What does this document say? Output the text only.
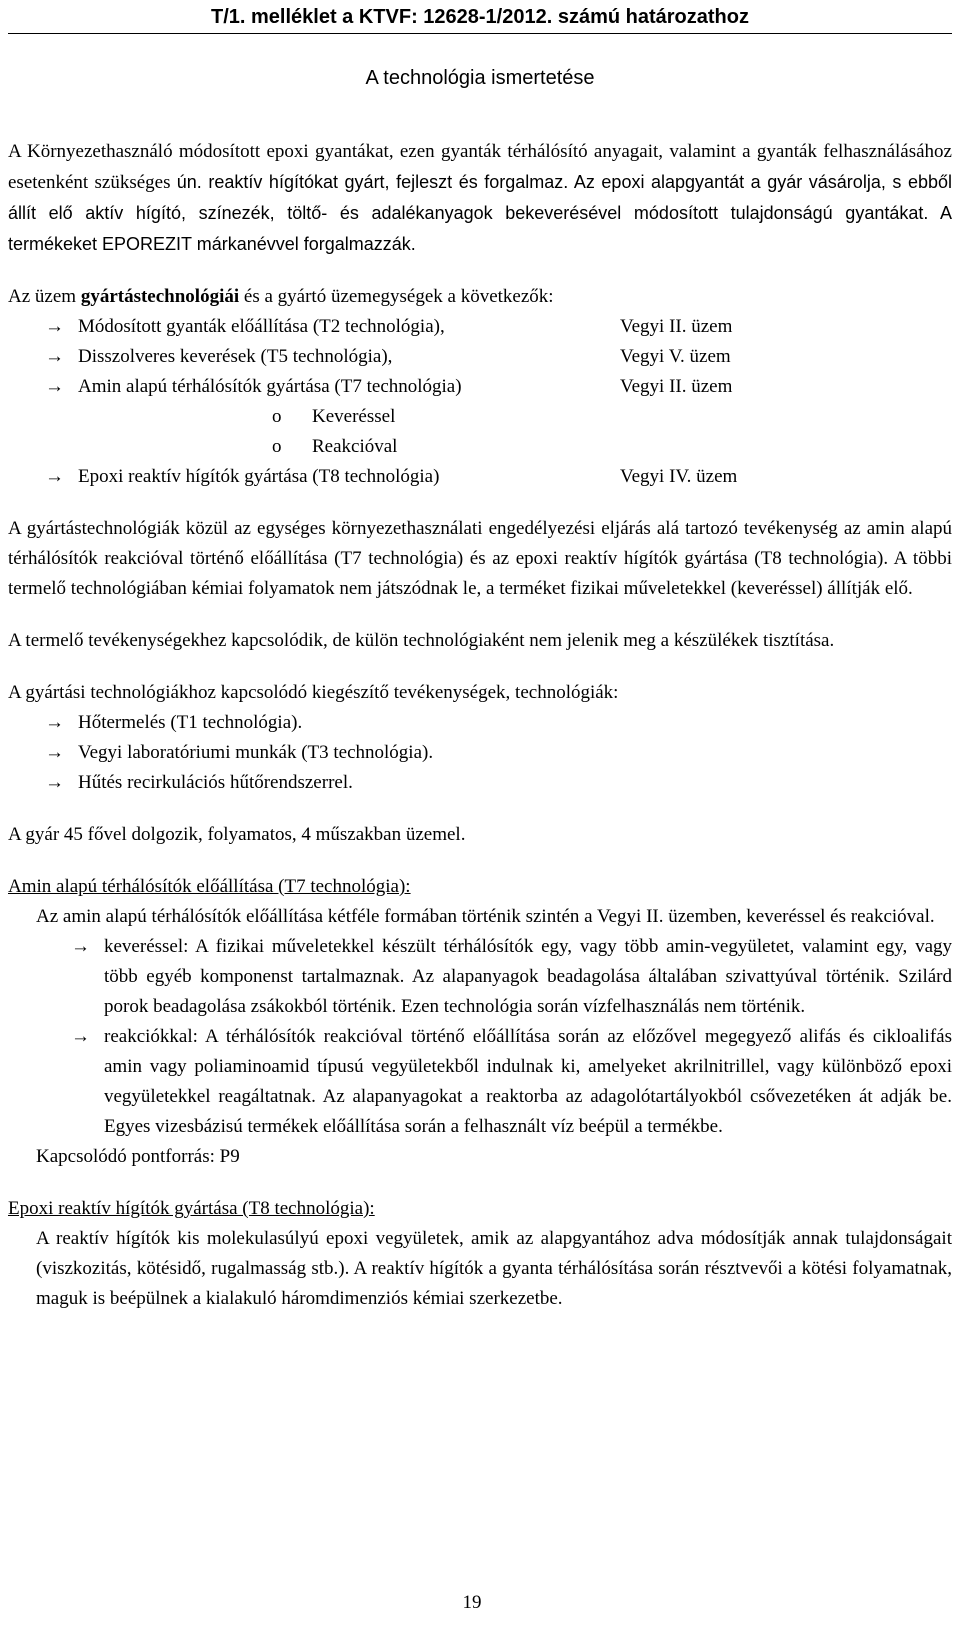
T/1. melléklet a KTVF: 12628-1/2012. számú határozathoz
A technológia ismertetése

A Környezethasználó módosított epoxi gyantákat, ezen gyanták térhálósító anyagait, valamint a gyanták felhasználásához esetenként szükséges ún. reaktív hígítókat gyárt, fejleszt és forgalmaz. Az epoxi alapgyantát a gyár vásárolja, s ebből állít elő aktív hígító, színezék, töltő- és adalékanyagok bekeverésével módosított tulajdonságú gyantákat. A termékeket EPOREZIT márkanévvel forgalmazzák.

Az üzem gyártástechnológiái és a gyártó üzemegységek a következők:

→ Módosított gyanták előállítása (T2 technológia),	Vegyi II. üzem
→ Disszolveres keverések (T5 technológia),	Vegyi V. üzem
→ Amin alapú térhálósítók gyártása (T7 technológia)	Vegyi II. üzem
o	Keveréssel
o	Reakcióval
→ Epoxi reaktív hígítók gyártása (T8 technológia)	Vegyi IV. üzem

A gyártástechnológiák közül az egységes környezethasználati engedélyezési eljárás alá tartozó tevékenység az amin alapú térhálósítók reakcióval történő előállítása (T7 technológia) és az epoxi reaktív hígítók gyártása (T8 technológia). A többi termelő technológiában kémiai folyamatok nem játszódnak le, a terméket fizikai műveletekkel (keveréssel) állítják elő.

A termelő tevékenységekhez kapcsolódik, de külön technológiaként nem jelenik meg a készülékek tisztítása.

A gyártási technológiákhoz kapcsolódó kiegészítő tevékenységek, technológiák:

→ Hőtermelés (T1 technológia).
→ Vegyi laboratóriumi munkák (T3 technológia).
→ Hűtés recirkulációs hűtőrendszerrel.

A gyár 45 fővel dolgozik, folyamatos, 4 műszakban üzemel.

Amin alapú térhálósítók előállítása (T7 technológia):

Az amin alapú térhálósítók előállítása kétféle formában történik szintén a Vegyi II. üzemben, keveréssel és reakcióval.

→ keveréssel: A fizikai műveletekkel készült térhálósítók egy, vagy több amin-vegyületet, valamint egy, vagy több egyéb komponenst tartalmaznak. Az alapanyagok beadagolása általában szivattyúval történik. Szilárd porok beadagolása zsákokból történik. Ezen technológia során vízfelhasználás nem történik.
→ reakciókkal: A térhálósítók reakcióval történő előállítása során az előzővel megegyező alifás és cikloalifás amin vagy poliaminoamid típusú vegyületekből indulnak ki, amelyeket akrilnitrillel, vagy különböző epoxi vegyületekkel reagáltatnak. Az alapanyagokat a reaktorba az adagolótartályokból csővezetéken át adják be. Egyes vizesbázisú termékek előállítása során a felhasznált víz beépül a termékbe.

Kapcsolódó pontforrás: P9

Epoxi reaktív hígítók gyártása (T8 technológia):

A reaktív hígítók kis molekulasúlyú epoxi vegyületek, amik az alapgyantához adva módosítják annak tulajdonságait (viszkozitás, kötésidő, rugalmasság stb.). A reaktív hígítók a gyanta térhálósítása során résztvevői a kötési folyamatnak, maguk is beépülnek a kialakuló háromdimenziós kémiai szerkezetbe.

19
